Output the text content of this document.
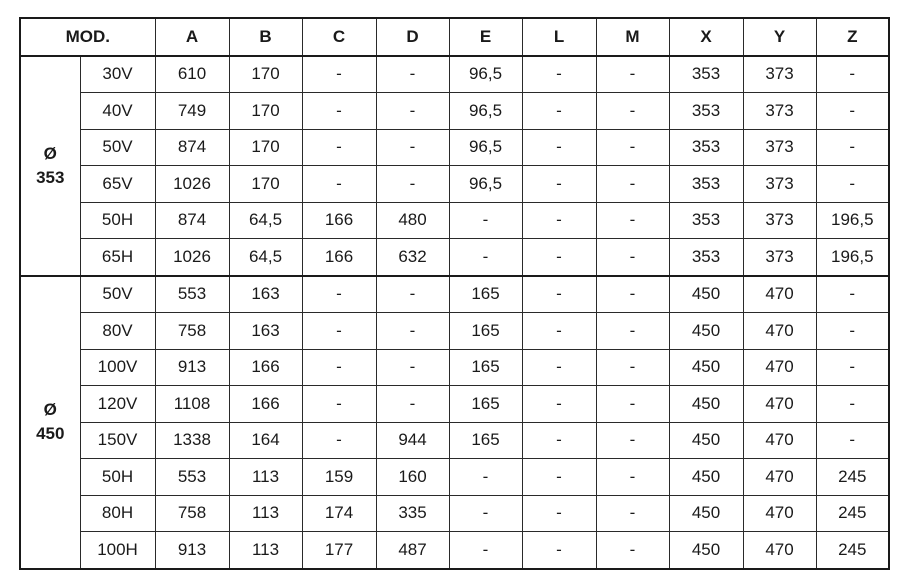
MOD.		A	B	C	D	E	L	M	X	Y	Z

Ø
353	30V	610	170	-	-	96,5	-	-	353	373	-
	40V	749	170	-	-	96,5	-	-	353	373	-
	50V	874	170	-	-	96,5	-	-	353	373	-
	65V	1026	170	-	-	96,5	-	-	353	373	-
	50H	874	64,5	166	480	-	-	-	353	373	196,5
	65H	1026	64,5	166	632	-	-	-	353	373	196,5

Ø
450	50V	553	163	-	-	165	-	-	450	470	-
	80V	758	163	-	-	165	-	-	450	470	-
	100V	913	166	-	-	165	-	-	450	470	-
	120V	1108	166	-	-	165	-	-	450	470	-
	150V	1338	164	-	944	165	-	-	450	470	-
	50H	553	113	159	160	-	-	-	450	470	245
	80H	758	113	174	335	-	-	-	450	470	245
	100H	913	113	177	487	-	-	-	450	470	245
